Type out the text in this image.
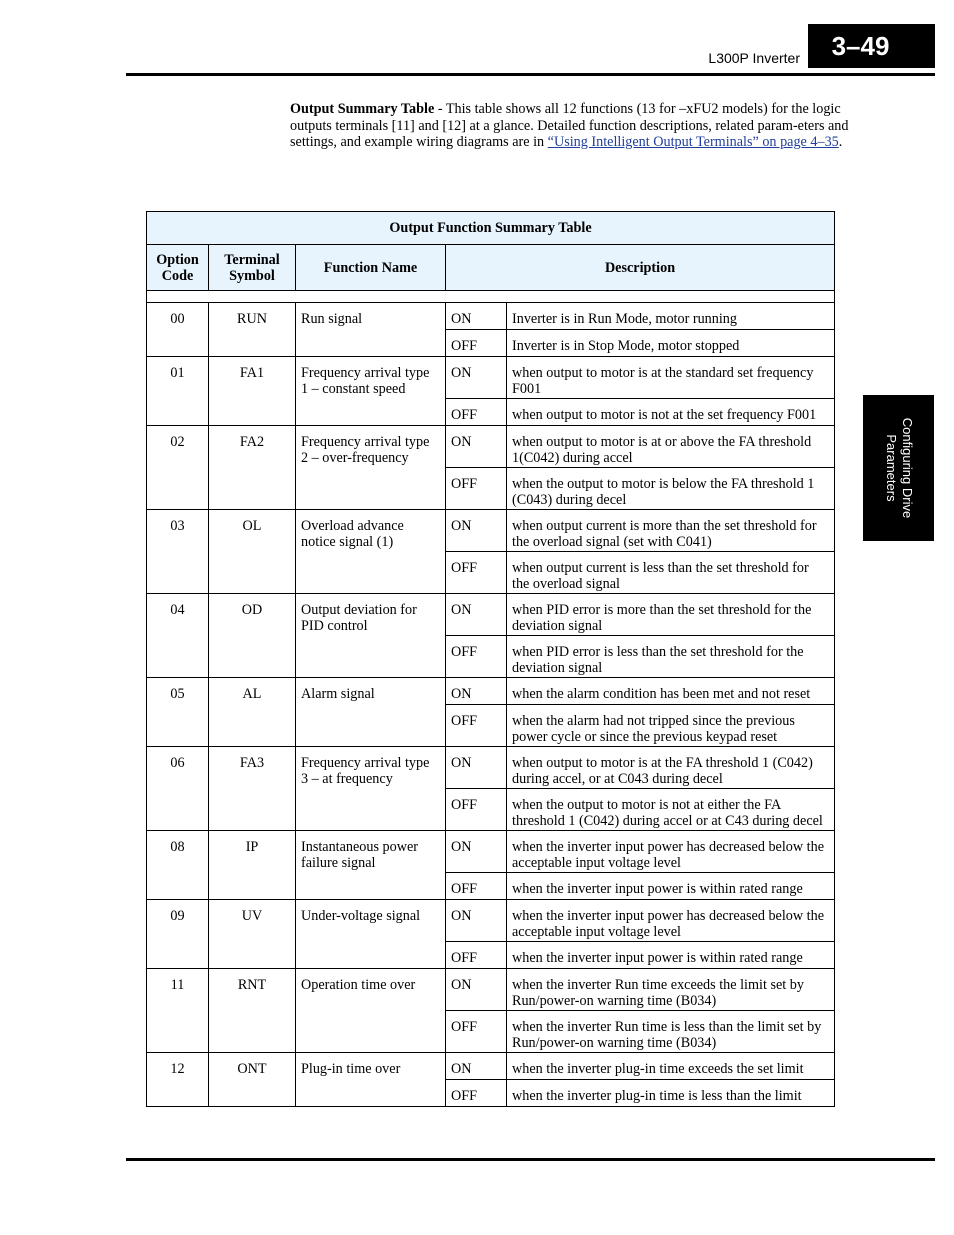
L300P Inverter	3–49
Configuring Drive Parameters
Output Summary Table - This table shows all 12 functions (13 for –xFU2 models) for the logic outputs terminals [11] and [12] at a glance. Detailed function descriptions, related param-eters and settings, and example wiring diagrams are in “Using Intelligent Output Terminals” on page 4–35.
Output Function Summary Table				
Option Code	Terminal Symbol	Function Name	Description	

00	RUN	Run signal	ON	Inverter is in Run Mode, motor running
			OFF	Inverter is in Stop Mode, motor stopped
01	FA1	Frequency arrival type 1 – constant speed	ON	when output to motor is at the standard set frequency F001
			OFF	when output to motor is not at the set frequency F001
02	FA2	Frequency arrival type 2 – over-frequency	ON	when output to motor is at or above the FA threshold 1(C042) during accel
			OFF	when the output to motor is below the FA threshold 1 (C043) during decel
03	OL	Overload advance notice signal (1)	ON	when output current is more than the set threshold for the overload signal (set with C041)
			OFF	when output current is less than the set threshold for the overload signal
04	OD	Output deviation for PID control	ON	when PID error is more than the set threshold for the deviation signal
			OFF	when PID error is less than the set threshold for the deviation signal
05	AL	Alarm signal	ON	when the alarm condition has been met and not reset
			OFF	when the alarm had not tripped since the previous power cycle or since the previous keypad reset
06	FA3	Frequency arrival type 3 – at frequency	ON	when output to motor is at the FA threshold 1 (C042) during accel, or at C043 during decel
			OFF	when the output to motor is not at either the FA threshold 1 (C042) during accel or at C43 during decel
08	IP	Instantaneous power failure signal	ON	when the inverter input power has decreased below the acceptable input voltage level
			OFF	when the inverter input power is within rated range
09	UV	Under-voltage signal	ON	when the inverter input power has decreased below the acceptable input voltage level
			OFF	when the inverter input power is within rated range
11	RNT	Operation time over	ON	when the inverter Run time exceeds the limit set by Run/power-on warning time (B034)
			OFF	when the inverter Run time is less than the limit set by Run/power-on warning time (B034)
12	ONT	Plug-in time over	ON	when the inverter plug-in time exceeds the set limit
			OFF	when the inverter plug-in time is less than the limit
